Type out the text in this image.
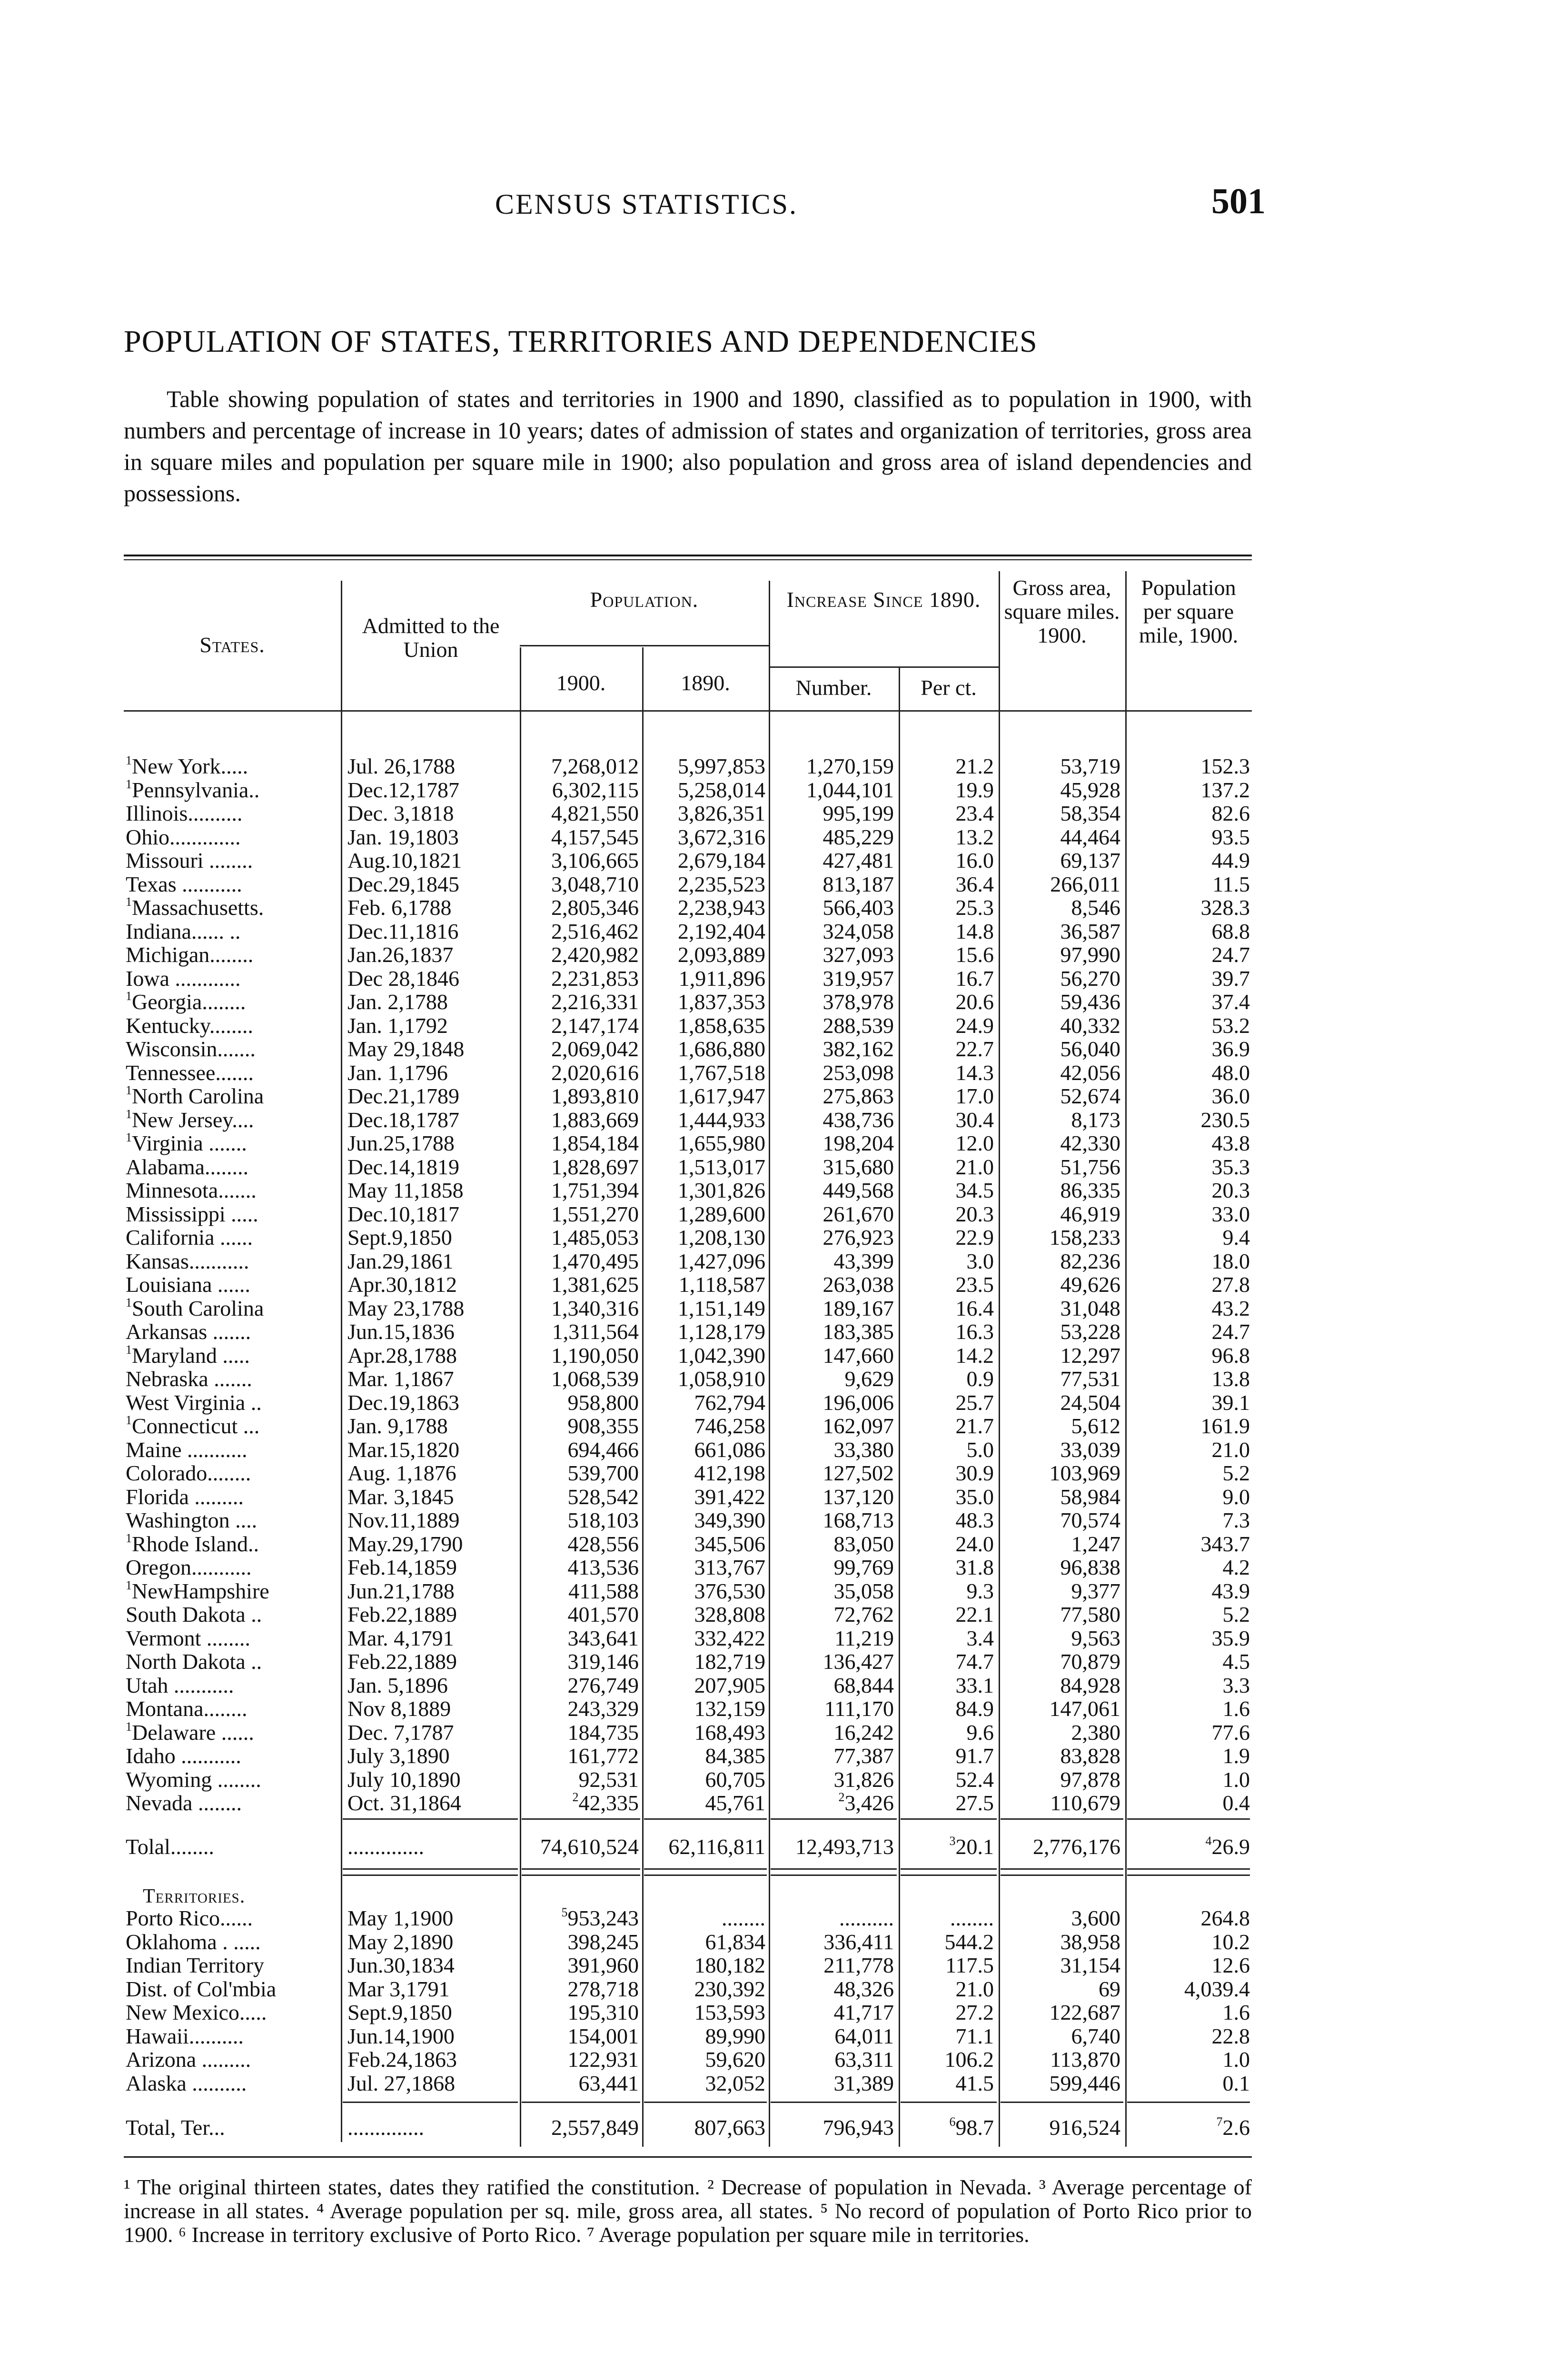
CENSUS STATISTICS.	501
POPULATION OF STATES, TERRITORIES AND DEPENDENCIES
Table showing population of states and territories in 1900 and 1890, classified as to population in 1900, with numbers and percentage of increase in 10 years; dates of admission of states and organization of territories, gross area in square miles and population per square mile in 1900; also population and gross area of island dependencies and possessions.
States.
Admitted to the Union
Population.
1900.	1890.
Increase Since 1890.
Number.	Per ct.
Gross area, square miles. 1900.
Population per square mile, 1900.
Territories.
$^1$New York.....	Jul. 26,1788	7,268,012	5,997,853	1,270,159	21.2	53,719	152.3
$^1$Pennsylvania..	Dec.12,1787	6,302,115	5,258,014	1,044,101	19.9	45,928	137.2
Illinois..........	Dec. 3,1818	4,821,550	3,826,351	995,199	23.4	58,354	82.6
Ohio.............	Jan. 19,1803	4,157,545	3,672,316	485,229	13.2	44,464	93.5
Missouri ........	Aug.10,1821	3,106,665	2,679,184	427,481	16.0	69,137	44.9
Texas ...........	Dec.29,1845	3,048,710	2,235,523	813,187	36.4	266,011	11.5
$^1$Massachusetts.	Feb. 6,1788	2,805,346	2,238,943	566,403	25.3	8,546	328.3
Indiana...... ..	Dec.11,1816	2,516,462	2,192,404	324,058	14.8	36,587	68.8
Michigan........	Jan.26,1837	2,420,982	2,093,889	327,093	15.6	97,990	24.7
Iowa ............	Dec 28,1846	2,231,853	1,911,896	319,957	16.7	56,270	39.7
$^1$Georgia........	Jan. 2,1788	2,216,331	1,837,353	378,978	20.6	59,436	37.4
Kentucky........	Jan. 1,1792	2,147,174	1,858,635	288,539	24.9	40,332	53.2
Wisconsin.......	May 29,1848	2,069,042	1,686,880	382,162	22.7	56,040	36.9
Tennessee.......	Jan. 1,1796	2,020,616	1,767,518	253,098	14.3	42,056	48.0
$^1$North Carolina	Dec.21,1789	1,893,810	1,617,947	275,863	17.0	52,674	36.0
$^1$New Jersey....	Dec.18,1787	1,883,669	1,444,933	438,736	30.4	8,173	230.5
$^1$Virginia .......	Jun.25,1788	1,854,184	1,655,980	198,204	12.0	42,330	43.8
Alabama........	Dec.14,1819	1,828,697	1,513,017	315,680	21.0	51,756	35.3
Minnesota.......	May 11,1858	1,751,394	1,301,826	449,568	34.5	86,335	20.3
Mississippi .....	Dec.10,1817	1,551,270	1,289,600	261,670	20.3	46,919	33.0
California ......	Sept.9,1850	1,485,053	1,208,130	276,923	22.9	158,233	9.4
Kansas...........	Jan.29,1861	1,470,495	1,427,096	43,399	3.0	82,236	18.0
Louisiana ......	Apr.30,1812	1,381,625	1,118,587	263,038	23.5	49,626	27.8
$^1$South Carolina	May 23,1788	1,340,316	1,151,149	189,167	16.4	31,048	43.2
Arkansas .......	Jun.15,1836	1,311,564	1,128,179	183,385	16.3	53,228	24.7
$^1$Maryland .....	Apr.28,1788	1,190,050	1,042,390	147,660	14.2	12,297	96.8
Nebraska .......	Mar. 1,1867	1,068,539	1,058,910	9,629	0.9	77,531	13.8
West Virginia ..	Dec.19,1863	958,800	762,794	196,006	25.7	24,504	39.1
$^1$Connecticut ...	Jan. 9,1788	908,355	746,258	162,097	21.7	5,612	161.9
Maine ...........	Mar.15,1820	694,466	661,086	33,380	5.0	33,039	21.0
Colorado........	Aug. 1,1876	539,700	412,198	127,502	30.9	103,969	5.2
Florida .........	Mar. 3,1845	528,542	391,422	137,120	35.0	58,984	9.0
Washington ....	Nov.11,1889	518,103	349,390	168,713	48.3	70,574	7.3
$^1$Rhode Island..	May.29,1790	428,556	345,506	83,050	24.0	1,247	343.7
Oregon...........	Feb.14,1859	413,536	313,767	99,769	31.8	96,838	4.2
$^1$NewHampshire	Jun.21,1788	411,588	376,530	35,058	9.3	9,377	43.9
South Dakota ..	Feb.22,1889	401,570	328,808	72,762	22.1	77,580	5.2
Vermont ........	Mar. 4,1791	343,641	332,422	11,219	3.4	9,563	35.9
North Dakota ..	Feb.22,1889	319,146	182,719	136,427	74.7	70,879	4.5
Utah ...........	Jan. 5,1896	276,749	207,905	68,844	33.1	84,928	3.3
Montana........	Nov 8,1889	243,329	132,159	111,170	84.9	147,061	1.6
$^1$Delaware ......	Dec. 7,1787	184,735	168,493	16,242	9.6	2,380	77.6
Idaho ...........	July 3,1890	161,772	84,385	77,387	91.7	83,828	1.9
Wyoming ........	July 10,1890	92,531	60,705	31,826	52.4	97,878	1.0
Nevada ........	Oct. 31,1864	$^2$42,335	45,761	$^2$3,426	27.5	110,679	0.4
Tolal........	..............	74,610,524	62,116,811	12,493,713	$^3$20.1	2,776,176	$^4$26.9
Porto Rico......	May 1,1900	$^5$953,243	........	..........	........	3,600	264.8
Oklahoma . .....	May 2,1890	398,245	61,834	336,411	544.2	38,958	10.2
Indian Territory	Jun.30,1834	391,960	180,182	211,778	117.5	31,154	12.6
Dist. of Col'mbia	Mar 3,1791	278,718	230,392	48,326	21.0	69	4,039.4
New Mexico.....	Sept.9,1850	195,310	153,593	41,717	27.2	122,687	1.6
Hawaii..........	Jun.14,1900	154,001	89,990	64,011	71.1	6,740	22.8
Arizona .........	Feb.24,1863	122,931	59,620	63,311	106.2	113,870	1.0
Alaska ..........	Jul. 27,1868	63,441	32,052	31,389	41.5	599,446	0.1
Total, Ter...	..............	2,557,849	807,663	796,943	$^6$98.7	916,524	$^7$2.6
¹ The original thirteen states, dates they ratified the constitution. ² Decrease of population in Nevada. ³ Average percentage of increase in all states. ⁴ Average population per sq. mile, gross area, all states. ⁵ No record of population of Porto Rico prior to 1900. ⁶ Increase in territory exclusive of Porto Rico. ⁷ Average population per square mile in territories.
